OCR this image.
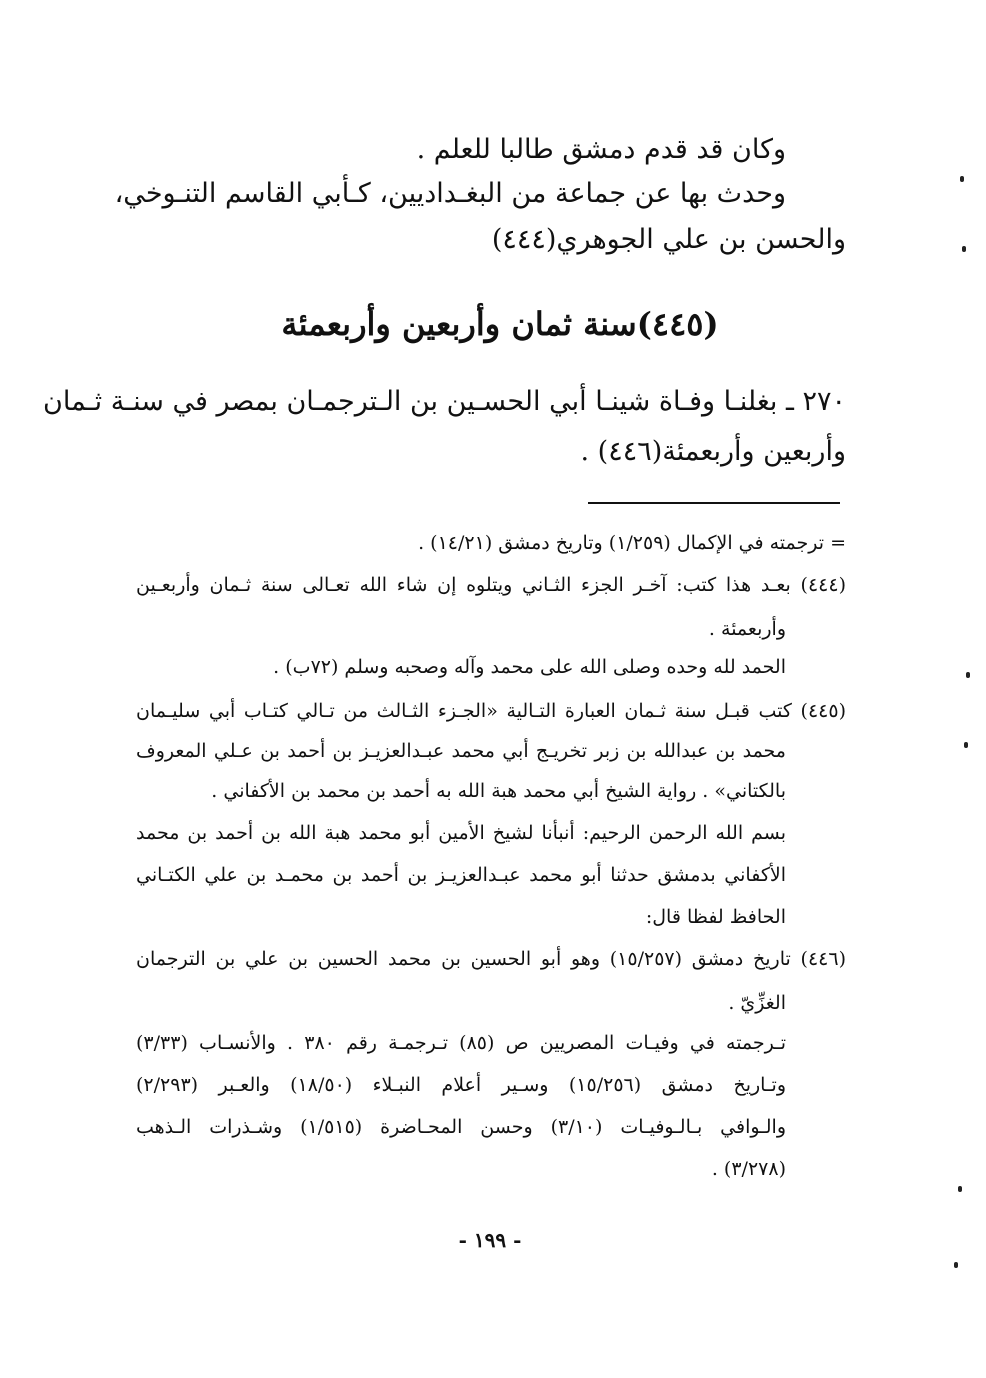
وكان قد قدم دمشق طالبا للعلم .
وحدث بها عن جماعة من البغـداديين، كـأبي القاسم التنـوخي،
والحسن بن علي الجوهري(٤٤٤)
(٤٤٥)سنة ثمان وأربعين وأربعمئة
٢٧٠ ـ بغلنـا وفـاة شينـا أبي الحسـين بن الـترجمـان بمصر في سنـة ثـمان
وأربعين وأربعمئة(٤٤٦) .
= ترجمته في الإكمال (١/٢٥٩) وتاريخ دمشق (١٤/٢١) .
(٤٤٤) بعـد هذا كتب: آخـر الجزء الثـاني ويتلوه إن شاء الله تعـالى سنة ثـمان وأربعـين
وأربعمئة .
الحمد لله وحده وصلى الله على محمد وآله وصحبه وسلم (٧٢ب) .
(٤٤٥) كتب قبـل سنة ثـمان العبارة التـالية «الجـزء الثـالث من تـالي كتـاب أبي سليـمان
محمد بن عبدالله بن زبر تخريـج أبي محمد عبـدالعزيـز بن أحمد بن عـلي المعروف
بالكتاني» . رواية الشيخ أبي محمد هبة الله به أحمد بن محمد بن الأكفاني .
بسم الله الرحمن الرحيم: أنبأنا لشيخ الأمين أبو محمد هبة الله بن أحمد بن محمد
الأكفاني بدمشق حدثنا أبو محمد عبـدالعزيـز بن أحمد بن محمـد بن علي الكتـاني
الحافظ لفظا قال:
(٤٤٦) تاريخ دمشق (١٥/٢٥٧) وهو أبو الحسين بن محمد الحسين بن علي بن الترجمان
الغزِّيّ .
تـرجمته في وفيـات المصريين ص (٨٥) تـرجمـة رقم ٣٨٠ . والأنسـاب (٣/٣٣)
وتـاريخ دمشق (١٥/٢٥٦) وسـير أعلام النبـلاء (١٨/٥٠) والعـبر (٢/٢٩٣)
والـوافي بـالـوفيـات (٣/١٠) وحسن المحـاضرة (١/٥١٥) وشـذرات الـذهب
(٣/٢٧٨) .
- ١٩٩ -
